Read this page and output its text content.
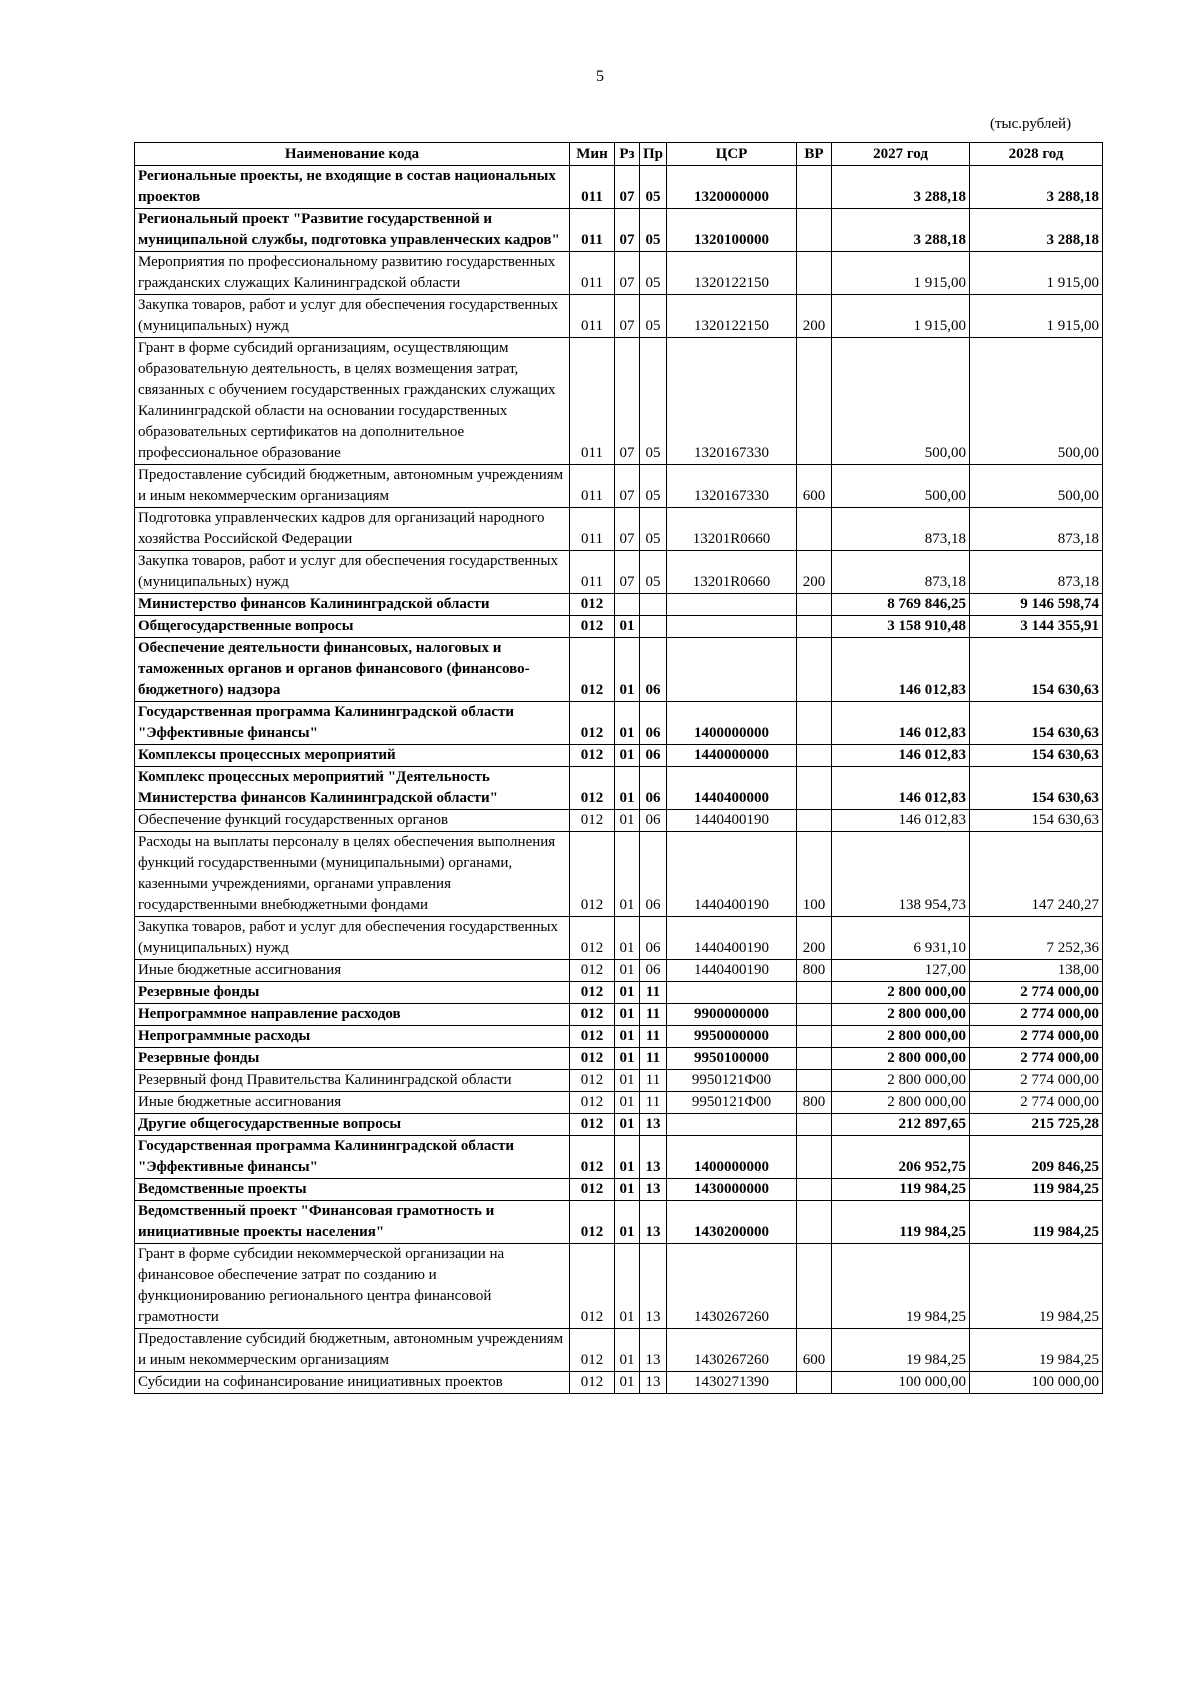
5
(тыс.рублей)
Наименование кода	Мин	Рз	Пр	ЦСР	ВР	2027 год	2028 год
Региональные проекты, не входящие в состав национальных проектов	011	07	05	1320000000		3 288,18	3 288,18
Региональный проект "Развитие государственной и муниципальной службы, подготовка управленческих кадров"	011	07	05	1320100000		3 288,18	3 288,18
Мероприятия по профессиональному развитию государственных гражданских служащих Калининградской области	011	07	05	1320122150		1 915,00	1 915,00
Закупка товаров, работ и услуг для обеспечения государственных (муниципальных) нужд	011	07	05	1320122150	200	1 915,00	1 915,00
Грант в форме субсидий организациям, осуществляющим образовательную деятельность, в целях возмещения затрат, связанных с обучением государственных гражданских служащих Калининградской области на основании государственных образовательных сертификатов на дополнительное профессиональное образование	011	07	05	1320167330		500,00	500,00
Предоставление субсидий бюджетным, автономным учреждениям и иным некоммерческим организациям	011	07	05	1320167330	600	500,00	500,00
Подготовка управленческих кадров для организаций народного хозяйства Российской Федерации	011	07	05	13201R0660		873,18	873,18
Закупка товаров, работ и услуг для обеспечения государственных (муниципальных) нужд	011	07	05	13201R0660	200	873,18	873,18
Министерство финансов Калининградской области	012					8 769 846,25	9 146 598,74
Общегосударственные вопросы	012	01				3 158 910,48	3 144 355,91
Обеспечение деятельности финансовых, налоговых и таможенных органов и органов финансового (финансово-бюджетного) надзора	012	01	06			146 012,83	154 630,63
Государственная программа Калининградской области "Эффективные финансы"	012	01	06	1400000000		146 012,83	154 630,63
Комплексы процессных мероприятий	012	01	06	1440000000		146 012,83	154 630,63
Комплекс процессных мероприятий "Деятельность Министерства финансов Калининградской области"	012	01	06	1440400000		146 012,83	154 630,63
Обеспечение функций государственных органов	012	01	06	1440400190		146 012,83	154 630,63
Расходы на выплаты персоналу в целях обеспечения выполнения функций государственными (муниципальными) органами, казенными учреждениями, органами управления государственными внебюджетными фондами	012	01	06	1440400190	100	138 954,73	147 240,27
Закупка товаров, работ и услуг для обеспечения государственных (муниципальных) нужд	012	01	06	1440400190	200	6 931,10	7 252,36
Иные бюджетные ассигнования	012	01	06	1440400190	800	127,00	138,00
Резервные фонды	012	01	11			2 800 000,00	2 774 000,00
Непрограммное направление расходов	012	01	11	9900000000		2 800 000,00	2 774 000,00
Непрограммные расходы	012	01	11	9950000000		2 800 000,00	2 774 000,00
Резервные фонды	012	01	11	9950100000		2 800 000,00	2 774 000,00
Резервный фонд Правительства Калининградской области	012	01	11	9950121Ф00		2 800 000,00	2 774 000,00
Иные бюджетные ассигнования	012	01	11	9950121Ф00	800	2 800 000,00	2 774 000,00
Другие общегосударственные вопросы	012	01	13			212 897,65	215 725,28
Государственная программа Калининградской области "Эффективные финансы"	012	01	13	1400000000		206 952,75	209 846,25
Ведомственные проекты	012	01	13	1430000000		119 984,25	119 984,25
Ведомственный проект "Финансовая грамотность и инициативные проекты населения"	012	01	13	1430200000		119 984,25	119 984,25
Грант в форме субсидии некоммерческой организации на финансовое обеспечение затрат по созданию и функционированию регионального центра финансовой грамотности	012	01	13	1430267260		19 984,25	19 984,25
Предоставление субсидий бюджетным, автономным учреждениям и иным некоммерческим организациям	012	01	13	1430267260	600	19 984,25	19 984,25
Субсидии на софинансирование инициативных проектов	012	01	13	1430271390		100 000,00	100 000,00
